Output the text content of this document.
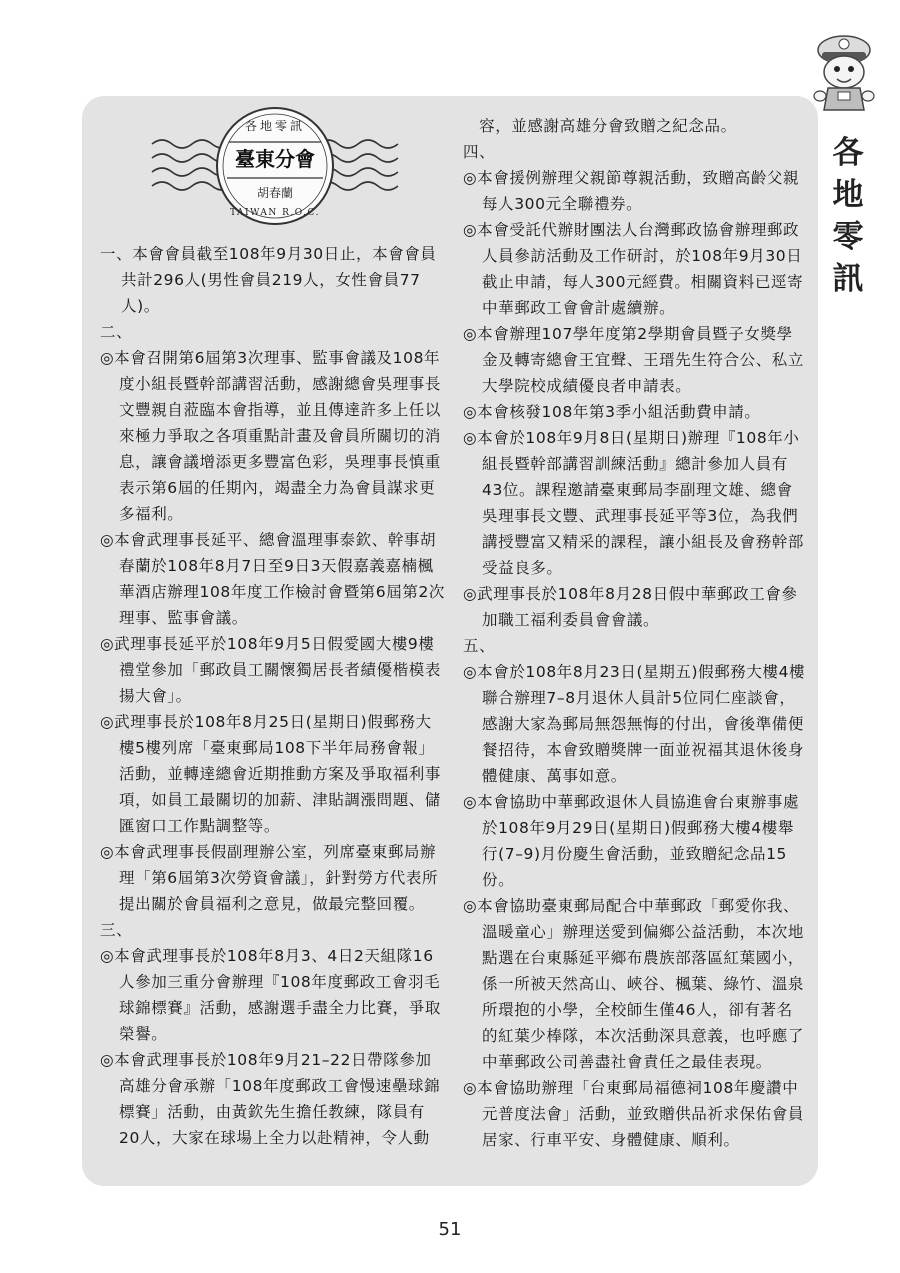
各
地
零
訊
各地零訊
臺東分會
胡春蘭
TAIWAN R.O.C.

一、本會會員截至108年9月30日止，本會會員共計296人(男性會員219人，女性會員77人)。

二、

◎本會召開第6屆第3次理事、監事會議及108年度小組長暨幹部講習活動，感謝總會吳理事長文豐親自蒞臨本會指導，並且傳達許多上任以來極力爭取之各項重點計畫及會員所關切的消息，讓會議增添更多豐富色彩，吳理事長慎重表示第6屆的任期內，竭盡全力為會員謀求更多福利。

◎本會武理事長延平、總會溫理事泰欽、幹事胡春蘭於108年8月7日至9日3天假嘉義嘉楠楓華酒店辦理108年度工作檢討會暨第6屆第2次理事、監事會議。

◎武理事長延平於108年9月5日假愛國大樓9樓禮堂參加「郵政員工關懷獨居長者績優楷模表揚大會」。

◎武理事長於108年8月25日(星期日)假郵務大樓5樓列席「臺東郵局108下半年局務會報」活動，並轉達總會近期推動方案及爭取福利事項，如員工最關切的加薪、津貼調漲問題、儲匯窗口工作點調整等。

◎本會武理事長假副理辦公室，列席臺東郵局辦理「第6屆第3次勞資會議」，針對勞方代表所提出關於會員福利之意見，做最完整回覆。

三、

◎本會武理事長於108年8月3、4日2天組隊16人參加三重分會辦理『108年度郵政工會羽毛球錦標賽』活動，感謝選手盡全力比賽，爭取榮譽。

◎本會武理事長於108年9月21–22日帶隊參加高雄分會承辦「108年度郵政工會慢速壘球錦標賽」活動，由黃欽先生擔任教練，隊員有20人，大家在球場上全力以赴精神，令人動

　容，並感謝高雄分會致贈之紀念品。

四、

◎本會援例辦理父親節尊親活動，致贈高齡父親每人300元全聯禮券。

◎本會受託代辦財團法人台灣郵政協會辦理郵政人員參訪活動及工作研討，於108年9月30日截止申請，每人300元經費。相關資料已逕寄中華郵政工會會計處續辦。

◎本會辦理107學年度第2學期會員暨子女獎學金及轉寄總會王宜聲、王瑨先生符合公、私立大學院校成績優良者申請表。

◎本會核發108年第3季小組活動費申請。

◎本會於108年9月8日(星期日)辦理『108年小組長暨幹部講習訓練活動』總計參加人員有43位。課程邀請臺東郵局李副理文雄、總會吳理事長文豐、武理事長延平等3位，為我們講授豐富又精采的課程，讓小組長及會務幹部受益良多。

◎武理事長於108年8月28日假中華郵政工會參加職工福利委員會會議。

五、

◎本會於108年8月23日(星期五)假郵務大樓4樓聯合辦理7–8月退休人員計5位同仁座談會，感謝大家為郵局無怨無悔的付出，會後準備便餐招待，本會致贈獎牌一面並祝福其退休後身體健康、萬事如意。

◎本會協助中華郵政退休人員協進會台東辦事處於108年9月29日(星期日)假郵務大樓4樓舉行(7–9)月份慶生會活動，並致贈紀念品15份。

◎本會協助臺東郵局配合中華郵政「郵愛你我、溫暖童心」辦理送愛到偏鄉公益活動，本次地點選在台東縣延平鄉布農族部落區紅葉國小，係一所被天然高山、峽谷、楓葉、綠竹、溫泉所環抱的小學，全校師生僅46人，卻有著名的紅葉少棒隊，本次活動深具意義，也呼應了中華郵政公司善盡社會責任之最佳表現。

◎本會協助辦理「台東郵局福德祠108年慶讚中元普度法會」活動，並致贈供品祈求保佑會員居家、行車平安、身體健康、順利。

51
